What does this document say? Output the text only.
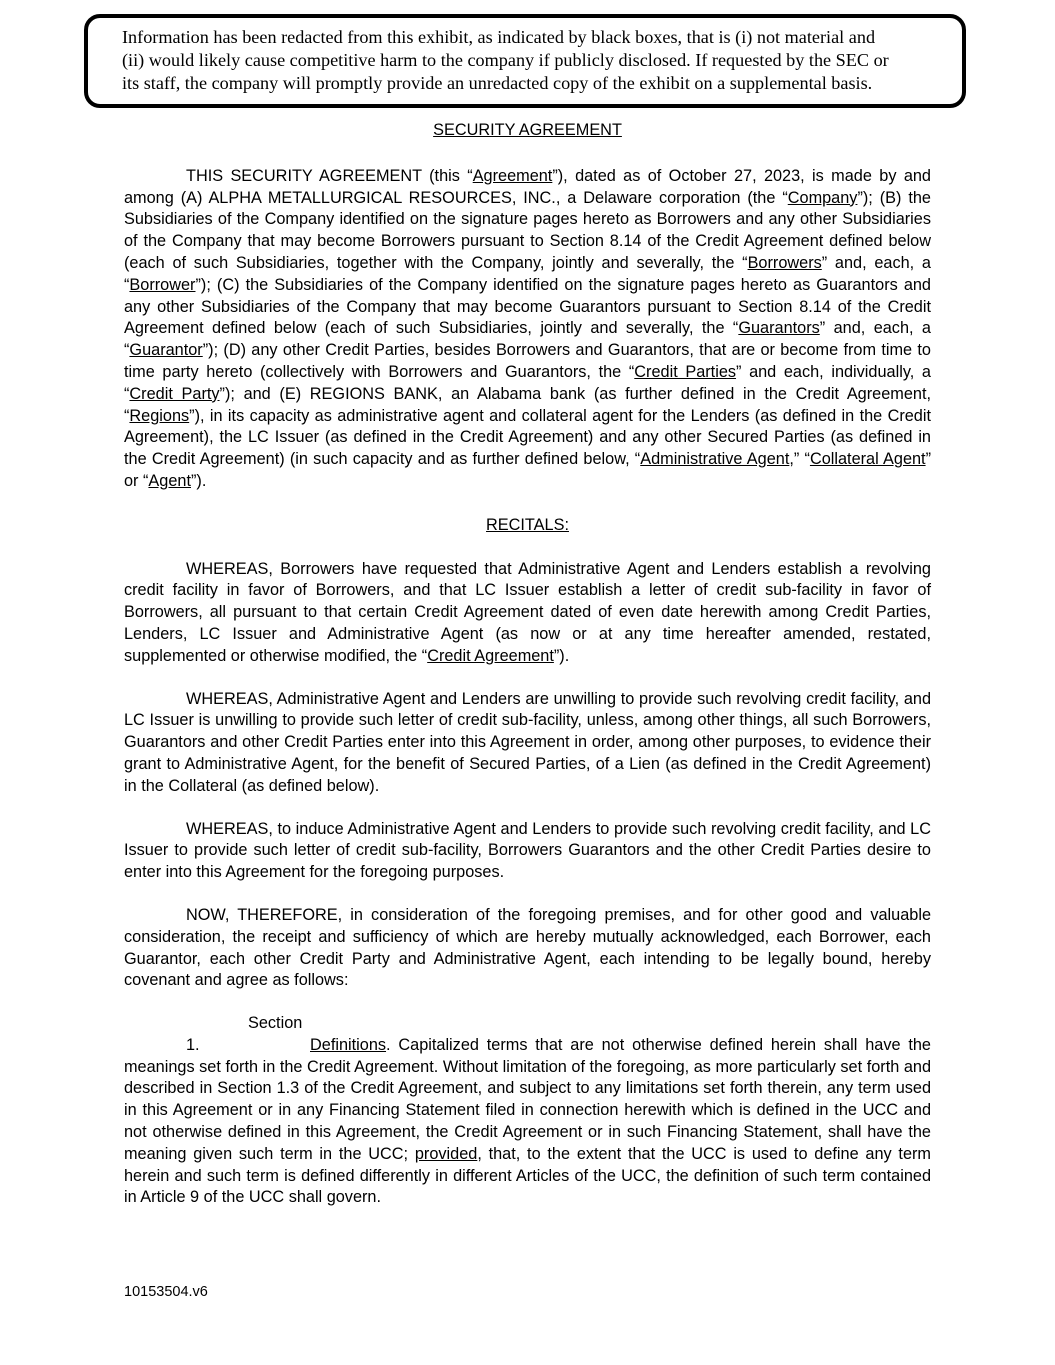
Information has been redacted from this exhibit, as indicated by black boxes, that is (i) not material and

(ii) would likely cause competitive harm to the company if publicly disclosed. If requested by the SEC or

its staff, the company will promptly provide an unredacted copy of the exhibit on a supplemental basis.

SECURITY AGREEMENT

THIS SECURITY AGREEMENT (this “Agreement”), dated as of October 27, 2023, is made by and among (A) ALPHA METALLURGICAL RESOURCES, INC., a Delaware corporation (the “Company”); (B) the Subsidiaries of the Company identified on the signature pages hereto as Borrowers and any other Subsidiaries of the Company that may become Borrowers pursuant to Section 8.14 of the Credit Agreement defined below (each of such Subsidiaries, together with the Company, jointly and severally, the “Borrowers” and, each, a “Borrower”); (C) the Subsidiaries of the Company identified on the signature pages hereto as Guarantors and any other Subsidiaries of the Company that may become Guarantors pursuant to Section 8.14 of the Credit Agreement defined below (each of such Subsidiaries, jointly and severally, the “Guarantors” and, each, a “Guarantor”); (D) any other Credit Parties, besides Borrowers and Guarantors, that are or become from time to time party hereto (collectively with Borrowers and Guarantors, the “Credit Parties” and each, individually, a “Credit Party”); and (E) REGIONS BANK, an Alabama bank (as further defined in the Credit Agreement, “Regions”), in its capacity as administrative agent and collateral agent for the Lenders (as defined in the Credit Agreement), the LC Issuer (as defined in the Credit Agreement) and any other Secured Parties (as defined in the Credit Agreement) (in such capacity and as further defined below, “Administrative Agent,” “Collateral Agent” or “Agent”).

RECITALS:

WHEREAS, Borrowers have requested that Administrative Agent and Lenders establish a revolving credit facility in favor of Borrowers, and that LC Issuer establish a letter of credit sub-facility in favor of Borrowers, all pursuant to that certain Credit Agreement dated of even date herewith among Credit Parties, Lenders, LC Issuer and Administrative Agent (as now or at any time hereafter amended, restated, supplemented or otherwise modified, the “Credit Agreement”).

WHEREAS, Administrative Agent and Lenders are unwilling to provide such revolving credit facility, and LC Issuer is unwilling to provide such letter of credit sub-facility, unless, among other things, all such Borrowers, Guarantors and other Credit Parties enter into this Agreement in order, among other purposes, to evidence their grant to Administrative Agent, for the benefit of Secured Parties, of a Lien (as defined in the Credit Agreement) in the Collateral (as defined below).

WHEREAS, to induce Administrative Agent and Lenders to provide such revolving credit facility, and LC Issuer to provide such letter of credit sub-facility, Borrowers Guarantors and the other Credit Parties desire to enter into this Agreement for the foregoing purposes.

NOW, THEREFORE, in consideration of the foregoing premises, and for other good and valuable consideration, the receipt and sufficiency of which are hereby mutually acknowledged, each Borrower, each Guarantor, each other Credit Party and Administrative Agent, each intending to be legally bound, hereby covenant and agree as follows:

Section 1.	Definitions. Capitalized terms that are not otherwise defined herein shall have the meanings set forth in the Credit Agreement. Without limitation of the foregoing, as more particularly set forth and described in Section 1.3 of the Credit Agreement, and subject to any limitations set forth therein, any term used in this Agreement or in any Financing Statement filed in connection herewith which is defined in the UCC and not otherwise defined in this Agreement, the Credit Agreement or in such Financing Statement, shall have the meaning given such term in the UCC; provided, that, to the extent that the UCC is used to define any term herein and such term is defined differently in different Articles of the UCC, the definition of such term contained in Article 9 of the UCC shall govern.

10153504.v6
